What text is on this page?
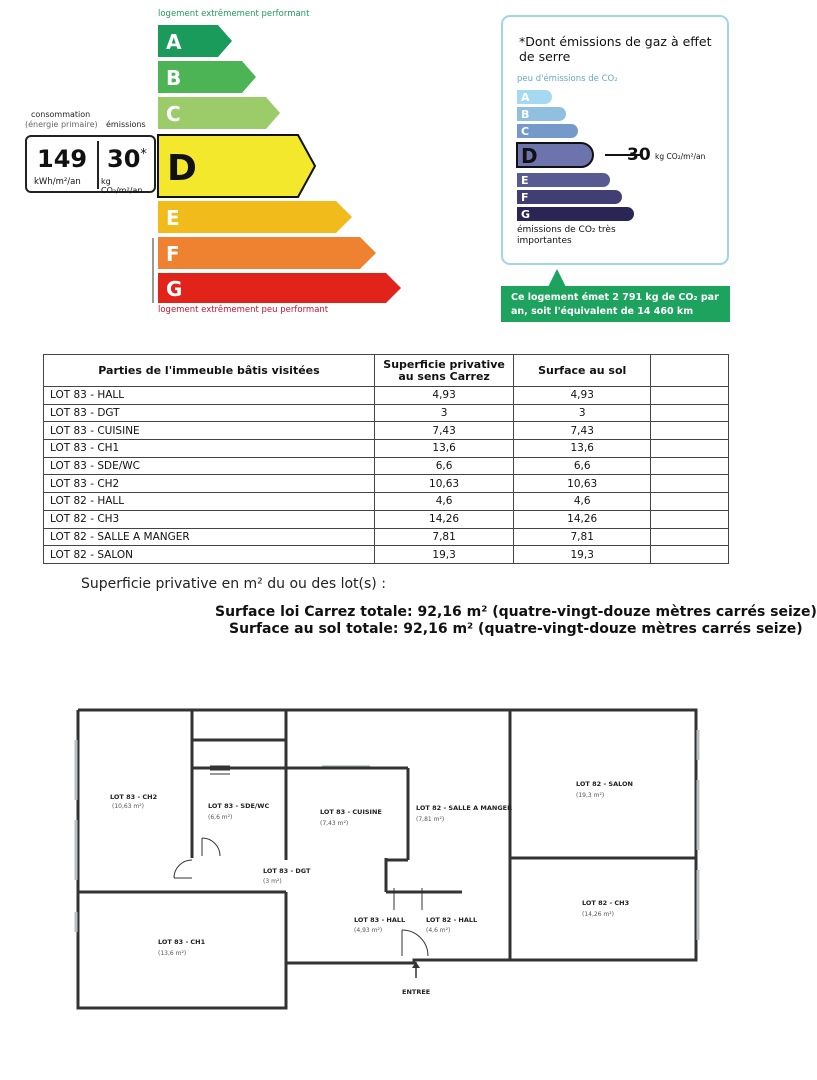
logement extrêmement performant
consommation
(énergie primaire) émissions
A
B
C
D
E
F
G
149
kWh/m²/an
30*
kg CO₂/m²/an
logement extrêmement peu performant
*Dont émissions de gaz à effet de serre
peu d'émissions de CO₂
A
B
C
D
E
F
G
émissions de CO₂ très importantes
30 kg CO₂/m²/an
Ce logement émet 2 791 kg de CO₂ par
an, soit l'équivalent de 14 460 km
Parties de l'immeuble bâtis visitées	Superficie privative au sens Carrez	Surface au sol	
LOT 83 - HALL	4,93	4,93	
LOT 83 - DGT	3	3	
LOT 83 - CUISINE	7,43	7,43	
LOT 83 - CH1	13,6	13,6	
LOT 83 - SDE/WC	6,6	6,6	
LOT 83 - CH2	10,63	10,63	
LOT 82 - HALL	4,6	4,6	
LOT 82 - CH3	14,26	14,26	
LOT 82 - SALLE A MANGER	7,81	7,81	
LOT 82 - SALON	19,3	19,3	
Superficie privative en m² du ou des lot(s) :
Surface loi Carrez totale: 92,16 m² (quatre-vingt-douze mètres carrés seize)
Surface au sol totale: 92,16 m² (quatre-vingt-douze mètres carrés seize)
LOT 83 - CH2
(10,63 m²)	LOT 83 - SDE/WC
(6,6 m²)
LOT 83 - CUISINE
(7,43 m²)
LOT 82 - SALLE A MANGER
(7,81 m²)
LOT 82 - SALON
(19,3 m²)
LOT 83 - DGT
(3 m²)
LOT 83 - CH1
(13,6 m²)
LOT 83 - HALL
(4,93 m²)
LOT 82 - HALL
(4,6 m²)
LOT 82 - CH3
(14,26 m²)
ENTREE
